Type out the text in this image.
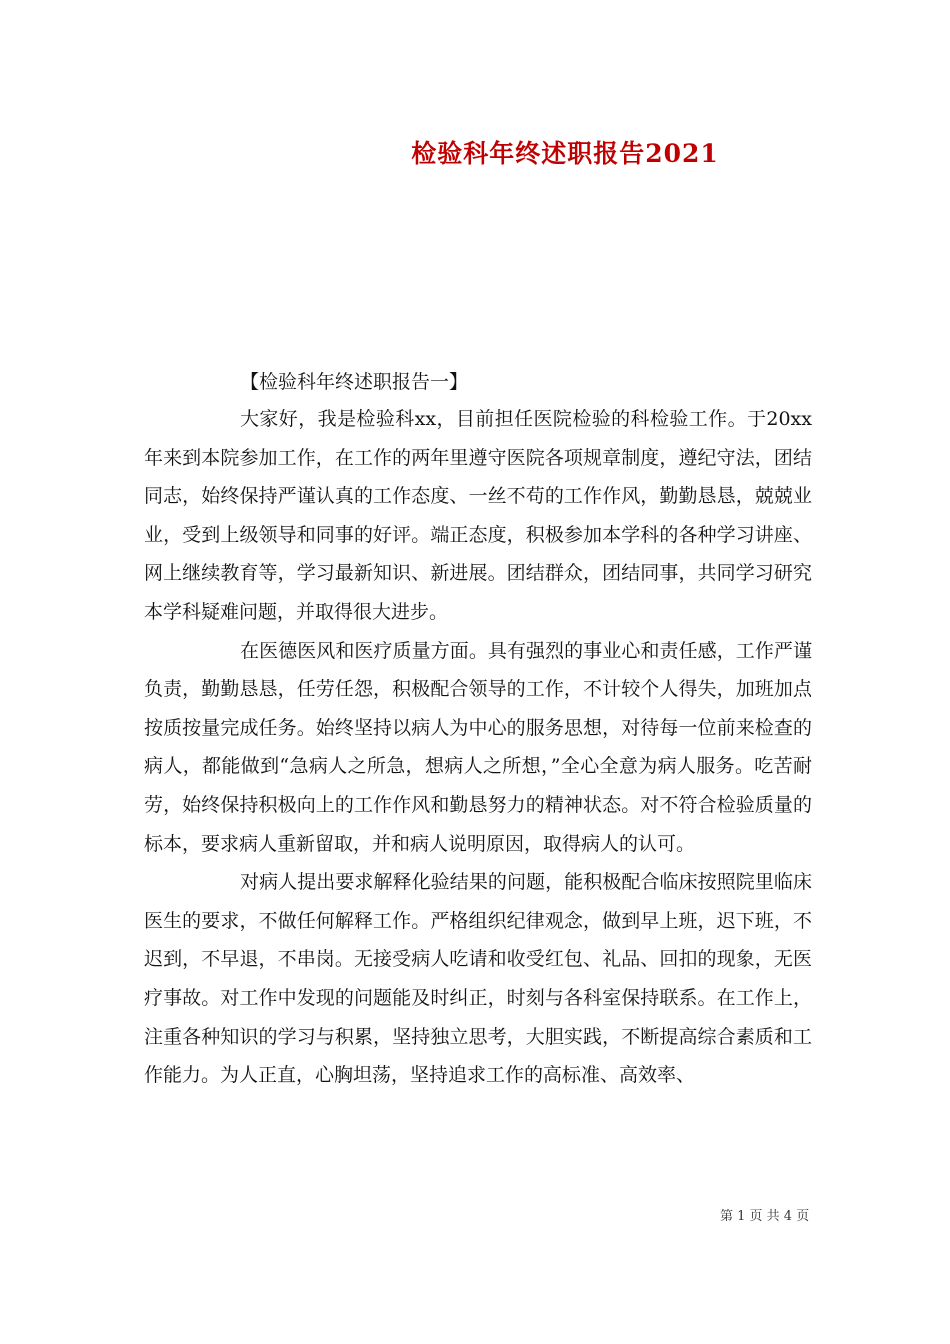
检验科年终述职报告2021
【检验科年终述职报告一】

大家好，我是检验科xx，目前担任医院检验的科检验工作。于20xx年来到本院参加工作，在工作的两年里遵守医院各项规章制度，遵纪守法，团结同志，始终保持严谨认真的工作态度、一丝不苟的工作作风，勤勤恳恳，兢兢业业，受到上级领导和同事的好评。端正态度，积极参加本学科的各种学习讲座、网上继续教育等，学习最新知识、新进展。团结群众，团结同事，共同学习研究本学科疑难问题，并取得很大进步。

在医德医风和医疗质量方面。具有强烈的事业心和责任感，工作严谨负责，勤勤恳恳，任劳任怨，积极配合领导的工作，不计较个人得失，加班加点按质按量完成任务。始终坚持以病人为中心的服务思想，对待每一位前来检查的病人，都能做到“急病人之所急，想病人之所想，”全心全意为病人服务。吃苦耐劳，始终保持积极向上的工作作风和勤恳努力的精神状态。对不符合检验质量的标本，要求病人重新留取，并和病人说明原因，取得病人的认可。

对病人提出要求解释化验结果的问题，能积极配合临床按照院里临床医生的要求，不做任何解释工作。严格组织纪律观念，做到早上班，迟下班，不迟到，不早退，不串岗。无接受病人吃请和收受红包、礼品、回扣的现象，无医疗事故。对工作中发现的问题能及时纠正，时刻与各科室保持联系。在工作上，注重各种知识的学习与积累，坚持独立思考，大胆实践，不断提高综合素质和工作能力。为人正直，心胸坦荡，坚持追求工作的高标准、高效率、

第 1 页 共 4 页
